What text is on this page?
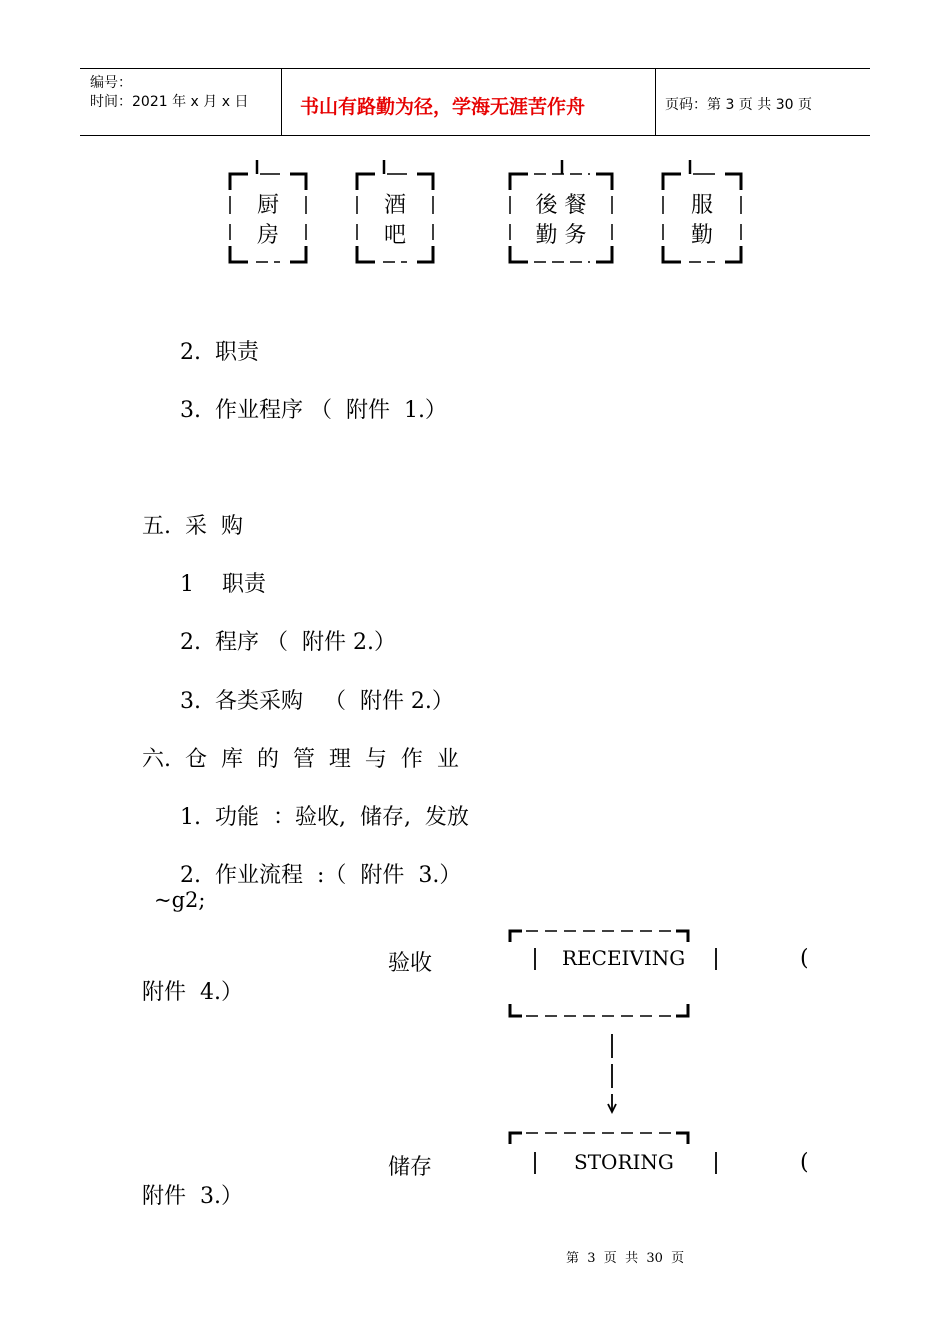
编号：
时间：2021 年 x 月 x 日	书山有路勤为径，学海无涯苦作舟	页码：第 3 页 共 30 页
厨
房
酒
吧
後 餐
勤 务
服
勤
2.  职责
3.  作业程序 （  附件  1.）
五.  采  购
1    职责
2.  程序 （  附件 2.）
3.  各类采购   （  附件 2.）
六.  仓  库  的  管  理  与  作  业
1.  功能  ：验收,  储存,  发放
2.  作业流程  :（  附件  3.）
~g2;
验收	RECEIVING	(
附件  4.）
储存	STORING	(
附件  3.）
第  3  页  共  30  页
